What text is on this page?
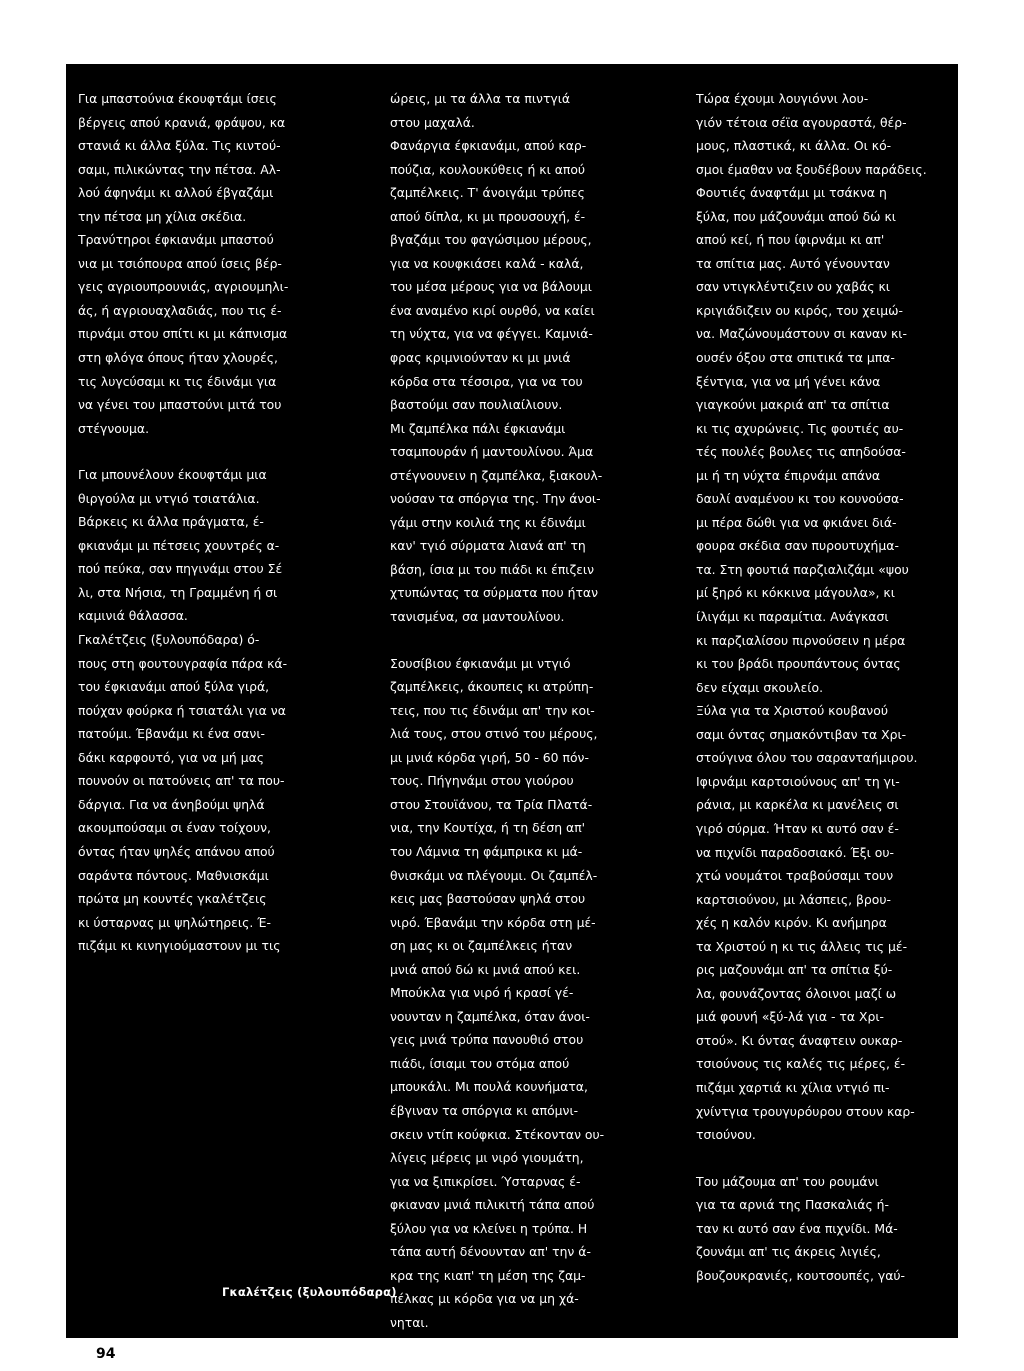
Για μπαστούνια έκουφτάμι ίσεις
βέργεις απού κρανιά, φράψου, κα
στανιά κι άλλα ξύλα. Τις κιντού-
σαμι, πιλικώντας την πέτσα. Αλ-
λού άφηνάμι κι αλλού έβγαζάμι
την πέτσα μη χίλια σκέδια.

Τρανύτηροι έφκιανάμι μπαστού
νια μι τσιόπουρα απού ίσεις βέρ-
γεις αγριουπρουνιάς, αγριουμηλι-
άς, ή αγριουαχλαδιάς, που τις έ-
πιρνάμι στου σπίτι κι μι κάπνισμα
στη φλόγα όπους ήταν χλουρές,
τις λυγcύσαμι κι τις έδινάμι για
να γένει του μπαστούνι μιτά του
στέγνουμα.

Για μπουνέλουν έκουφτάμι μια
θιργούλα μι ντγιό τσιατάλια.

Βάρκεις κι άλλα πράγματα, έ-
φκιανάμι μι πέτσεις χουντρές α-
πού πεύκα, σαν πηγινάμι στου Σέ
λι, στα Νήσια, τη Γραμμένη ή σι
καμινιά θάλασσα.

Γκαλέτζεις (ξυλουπόδαρα) ό-
πους στη φουτουγραφία πάρα κά-
του έφκιανάμι απού ξύλα γιρά,
πούχαν φούρκα ή τσιατάλι για να
πατούμι. Έβανάμι κι ένα σανι-
δάκι καρφουτό, για να μή μας
πουνούν οι πατούνεις απ' τα που-
δάργια. Για να άνηβούμι ψηλά
ακουμπούσαμι σι έναν τοίχουν,
όντας ήταν ψηλές απάνου απού
σαράντα πόντους. Μαθνισκάμι
πρώτα μη κουντές γκαλέτζεις
κι ύσταρνας μι ψηλώτηρεις. Έ-
πιζάμι κι κινηγιούμαστουν μι τις

ώρεις, μι τα άλλα τα πιντγιά
στου μαχαλά.

Φανάργια έφκιανάμι, απού καρ-
πούζια, κουλουκύθεις ή κι απού
ζαμπέλκεις. Τ' άνοιγάμι τρύπες
απού δίπλα, κι μι προυσουχή, έ-
βγαζάμι του φαγώσιμου μέρους,
για να κουφκιάσει καλά - καλά,
του μέσα μέρους για να βάλουμι
ένα αναμένο κιρί ουρθό, να καίει
τη νύχτα, για να φέγγει. Καμνιά-
φρας κριμνιούνταν κι μι μνιά
κόρδα στα τέσσιρα, για να του
βαστούμι σαν πουλιαίλιουν.

Μι ζαμπέλκα πάλι έφκιανάμι
τσαμπουράν ή μαντουλίνου. Άμα
στέγνουνειν η ζαμπέλκα, ξιακουλ-
νούσαν τα σπόργια της. Την άνοι-
γάμι στην κοιλιά της κι έδινάμι
καν' τγιό σύρματα λιανά απ' τη
βάση, ίσια μι του πιάδι κι έπιζειν
χτυπώντας τα σύρματα που ήταν
τανισμένα, σα μαντουλίνου.

Σουσίβιου έφκιανάμι μι ντγιό
ζαμπέλκεις, άκουπεις κι ατρύπη-
τεις, που τις έδινάμι απ' την κοι-
λιά τους, στου στινό του μέρους,
μι μνιά κόρδα γιρή, 50 - 60 πόν-
τους. Πήγηνάμι στου γιούρου
στου Στουϊάνου, τα Τρία Πλατά-
νια, την Κουτίχα, ή τη δέση απ'
του Λάμνια τη φάμπρικα κι μά-
θνισκάμι να πλέγουμι. Οι ζαμπέλ-
κεις μας βαστούσαν ψηλά στου
νιρό. Έβανάμι την κόρδα στη μέ-
ση μας κι οι ζαμπέλκεις ήταν
μνιά απού δώ κι μνιά απού κει.

Μπούκλα για νιρό ή κρασί γέ-
νουνταν η ζαμπέλκα, όταν άνοι-
γεις μνιά τρύπα πανουθιό στου
πιάδι, ίσιαμι του στόμα απού
μπουκάλι. Μι πουλά κουνήματα,
έβγιναν τα σπόργια κι απόμνι-
σκειν ντίπ κούφκια. Στέκονταν ου-
λίγεις μέρεις μι νιρό γιουμάτη,
για να ξιπικρίσει. Ύσταρνας έ-
φκιαναν μνιά πιλικιτή τάπα απού
ξύλου για να κλείνει η τρύπα. Η
τάπα αυτή δένουνταν απ' την ά-
κρα της κιαπ' τη μέση της ζαμ-
πέλκας μι κόρδα για να μη χά-
νηται.

Τώρα έχουμι λουγιόννι λου-
γιόν τέτοια σέϊα αγουραστά, θέρ-
μους, πλαστικά, κι άλλα. Οι κό-
σμοι έμαθαν να ξουδέβουν παράδεις.

Φουτιές άναφτάμι μι τσάκνα η
ξύλα, που μάζουνάμι απού δώ κι
απού κεί, ή που ίφιρνάμι κι απ'
τα σπίτια μας. Αυτό γένουνταν
σαν ντιγκλέντιζειν ου χαβάς κι
κριγιάδιζειν ου κιρός, του χειμώ-
να. Μαζώνουμάστουν σι καναν κι-
ουσέν όξου στα σπιτικά τα μπα-
ξέντγια, για να μή γένει κάνα
γιαγκούνι μακριά απ' τα σπίτια
κι τις αχυρώνεις. Τις φουτιές αυ-
τές πουλές βουλες τις απηδούσα-
μι ή τη νύχτα έπιρνάμι απάνα
δαυλί αναμένου κι του κουνούσα-
μι πέρα δώθι για να φκιάνει διά-
φουρα σκέδια σαν πυρουτυχήμα-
τα. Στη φουτιά παρζιαλιζάμι «ψου
μί ξηρό κι κόκκινα μάγουλα», κι
ίλιγάμι κι παραμίτια. Ανάγκασι
κι παρζιαλίσου πιρνούσειν η μέρα
κι του βράδι προυπάντους όντας
δεν είχαμι σκουλείο.

Ξύλα για τα Χριστού κουβανού
σαμι όντας σημακόντιβαν τα Χρι-
στούγινα όλου του σαρανταήμιρου.

Ιφιρνάμι καρτσιούνους απ' τη γι-
ράνια, μι καρκέλα κι μανέλεις σι
γιρό σύρμα. Ήταν κι αυτό σαν έ-
να πιχνίδι παραδοσιακό. Έξι ου-
χτώ νουμάτοι τραβούσαμι τουν
καρτσιούνου, μι λάσπεις, βρου-
χές η καλόν κιρόν. Κι ανήμηρα
τα Χριστού η κι τις άλλεις τις μέ-
ρις μαζουνάμι απ' τα σπίτια ξύ-
λα, φουνάζοντας όλοινοι μαζί ω
μιά φουνή «ξύ-λά για - τα Χρι-
στού». Κι όντας άναφτειν ουκαρ-
τσιούνους τις καλές τις μέρες, έ-
πιζάμι χαρτιά κι χίλια ντγιό πι-
χνίντγια τρουγυρόυρου στουν καρ-
τσιούνου.

Του μάζουμα απ' του ρουμάνι
για τα αρνιά της Πασκαλιάς ή-
ταν κι αυτό σαν ένα πιχνίδι. Μά-
ζουνάμι απ' τις άκρεις λιγιές,
βουζουκρανιές, κουτσουπές, γαύ-

Γκαλέτζεις (ξυλουπόδαρα)
94
